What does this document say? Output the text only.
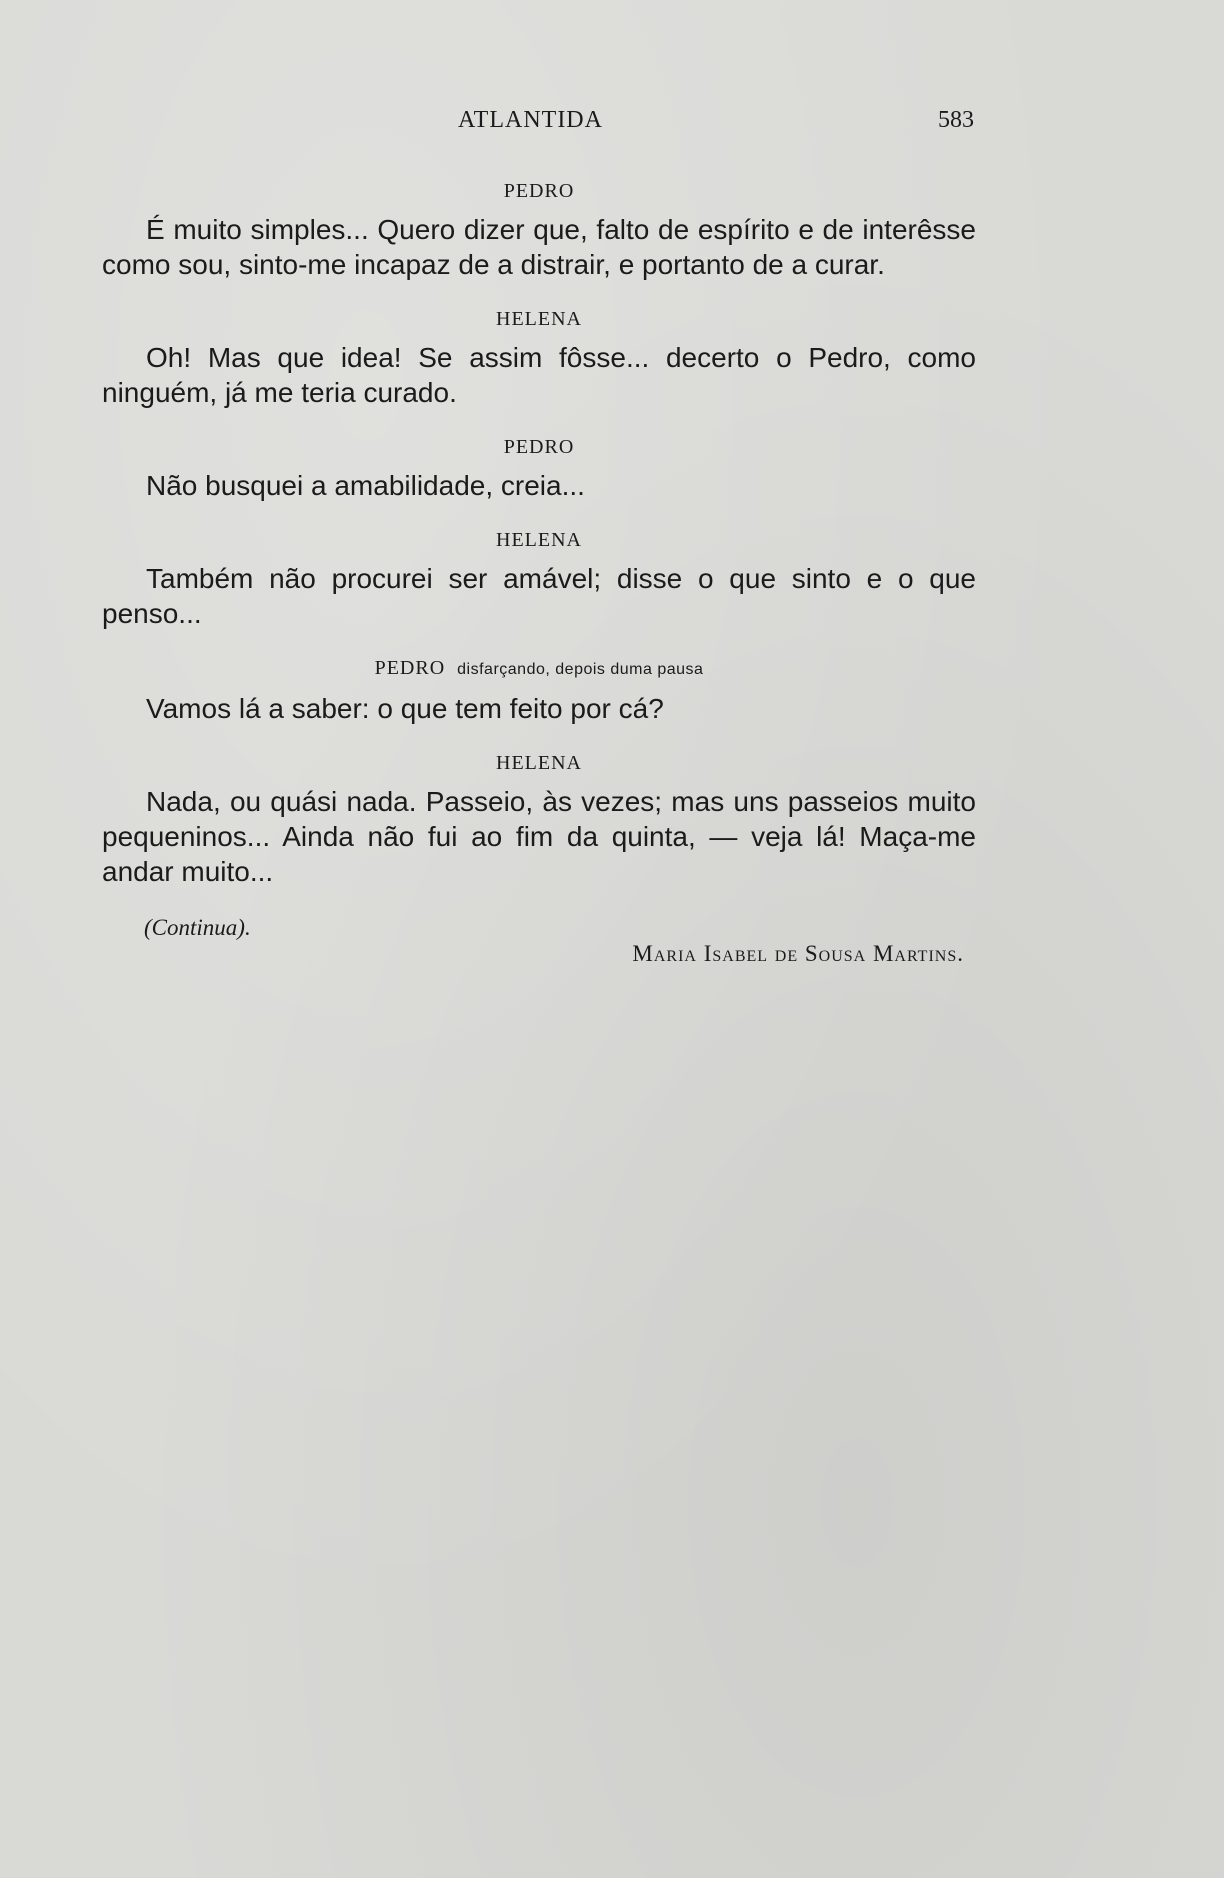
ATLANTIDA	583
PEDRO

É muito simples... Quero dizer que, falto de espírito e de interêsse como sou, sinto-me incapaz de a distrair, e portanto de a curar.

HELENA

Oh! Mas que idea! Se assim fôsse... decerto o Pedro, como ninguém, já me teria curado.

PEDRO

Não busquei a amabilidade, creia...

HELENA

Também não procurei ser amável; disse o que sinto e o que penso...

PEDRO disfarçando, depois duma pausa

Vamos lá a saber: o que tem feito por cá?

HELENA

Nada, ou quási nada. Passeio, às vezes; mas uns passeios muito pequeninos... Ainda não fui ao fim da quinta, — veja lá! Maça-me andar muito...

(Continua).
Maria Isabel de Sousa Martins.
